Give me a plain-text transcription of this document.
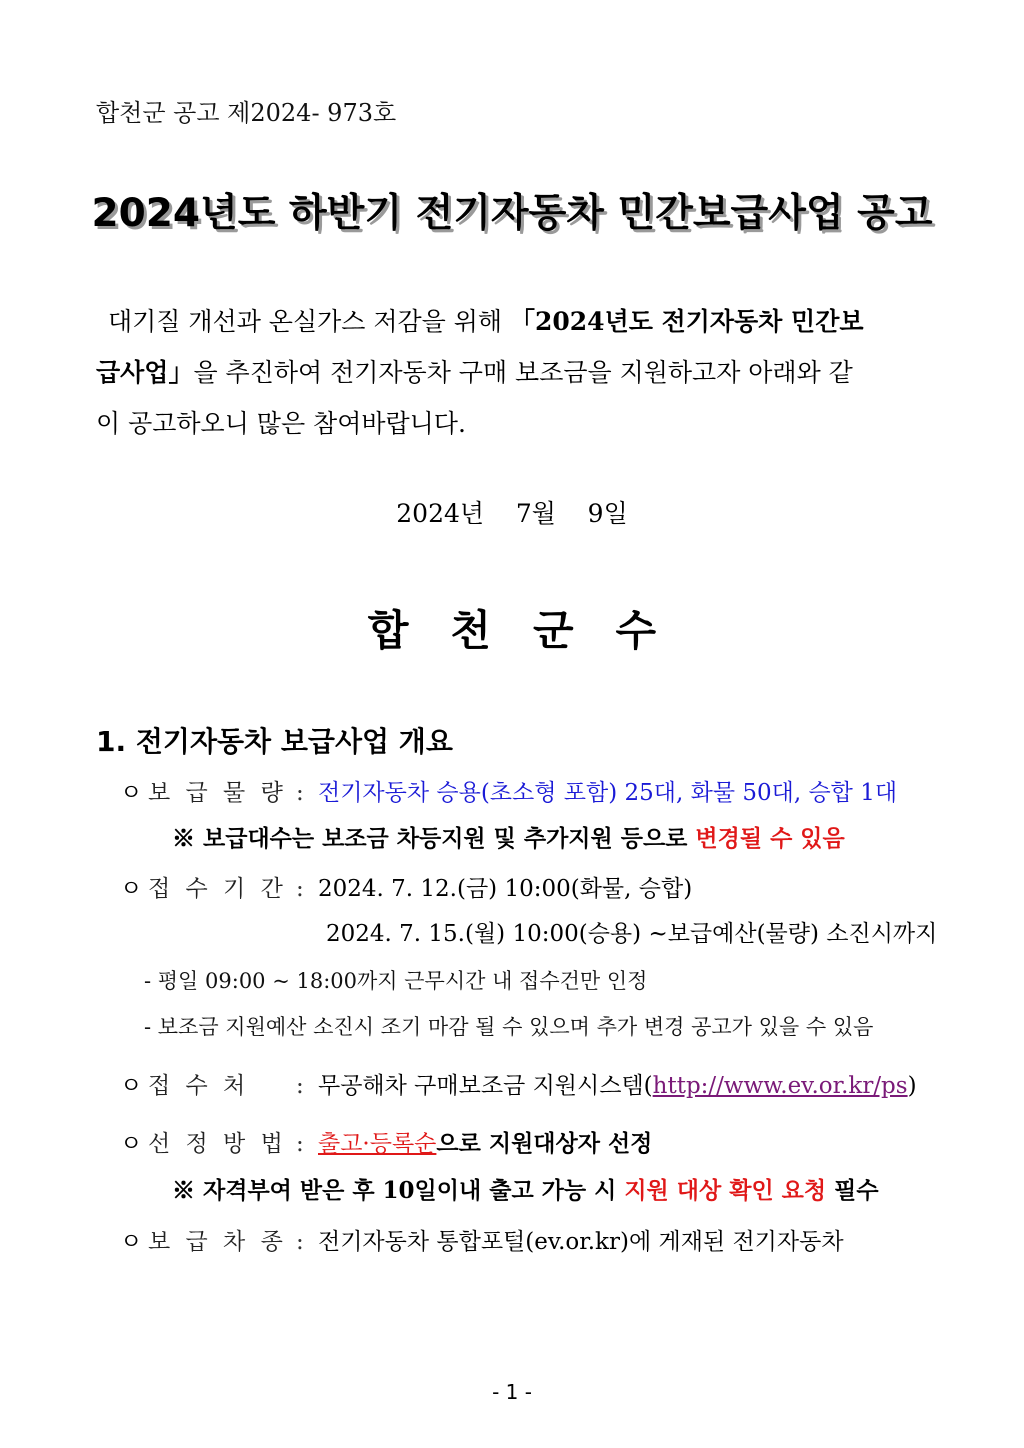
합천군 공고 제2024- 973호
2024년도 하반기 전기자동차 민간보급사업 공고
대기질 개선과 온실가스 저감을 위해 「2024년도 전기자동차 민간보
급사업」을 추진하여 전기자동차 구매 보조금을 지원하고자 아래와 같
이 공고하오니 많은 참여바랍니다.
2024년    7월    9일
합천군수
1. 전기자동차 보급사업 개요
ㅇ 보 급 물 량 : 전기자동차 승용(초소형 포함) 25대, 화물 50대, 승합 1대
※ 보급대수는 보조금 차등지원 및 추가지원 등으로 변경될 수 있음
ㅇ 접 수 기 간 : 2024. 7. 12.(금) 10:00(화물, 승합)
2024. 7. 15.(월) 10:00(승용) ~보급예산(물량) 소진시까지
- 평일 09:00 ~ 18:00까지 근무시간 내 접수건만 인정
- 보조금 지원예산 소진시 조기 마감 될 수 있으며 추가 변경 공고가 있을 수 있음
ㅇ 접 수 처 : 무공해차 구매보조금 지원시스템(http://www.ev.or.kr/ps)
ㅇ 선 정 방 법 : 출고·등록순으로 지원대상자 선정
※ 자격부여 받은 후 10일이내 출고 가능 시 지원 대상 확인 요청 필수
ㅇ 보 급 차 종 : 전기자동차 통합포털(ev.or.kr)에 게재된 전기자동차
- 1 -
